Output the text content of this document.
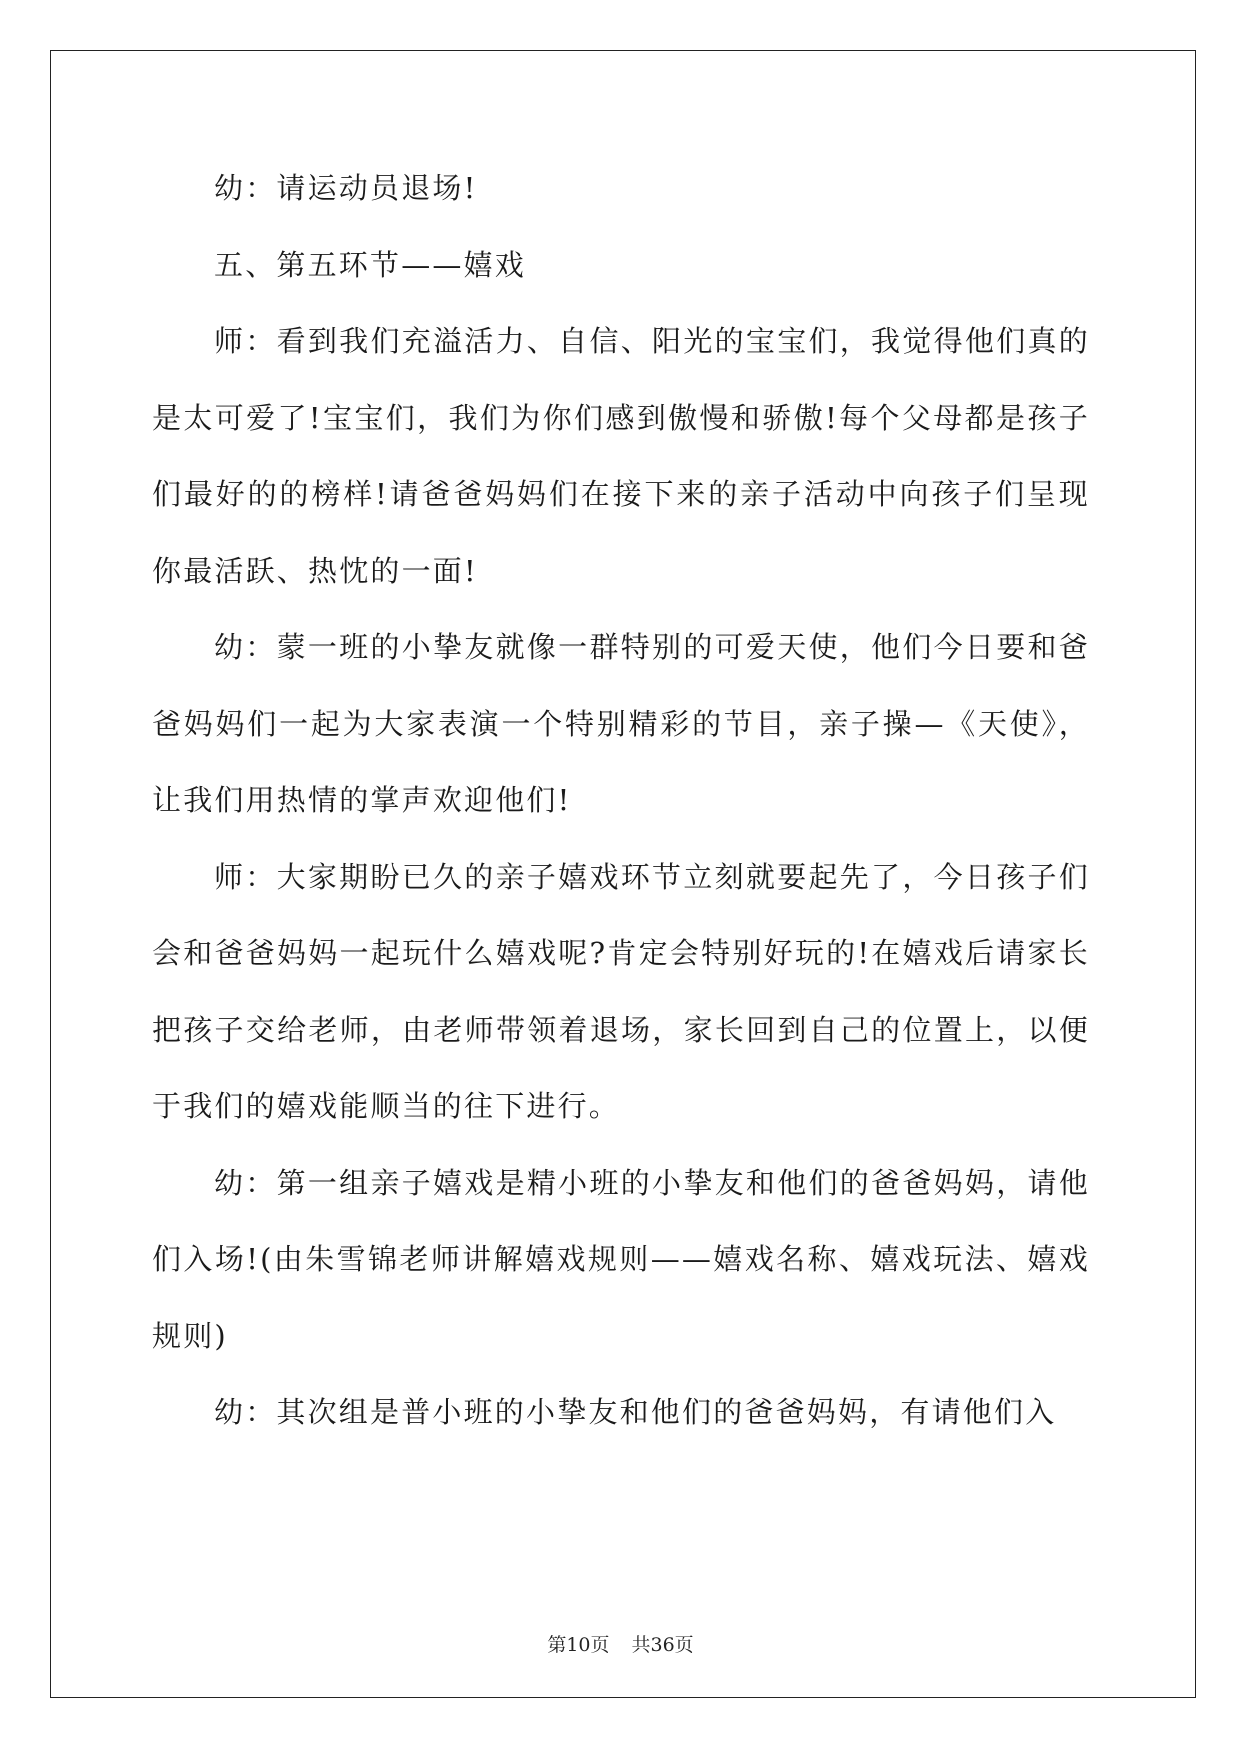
幼：请运动员退场!

五、第五环节——嬉戏

师：看到我们充溢活力、自信、阳光的宝宝们，我觉得他们真的是太可爱了!宝宝们，我们为你们感到傲慢和骄傲!每个父母都是孩子们最好的的榜样!请爸爸妈妈们在接下来的亲子活动中向孩子们呈现你最活跃、热忱的一面!

幼：蒙一班的小挚友就像一群特别的可爱天使，他们今日要和爸爸妈妈们一起为大家表演一个特别精彩的节目，亲子操—《天使》，让我们用热情的掌声欢迎他们!

师：大家期盼已久的亲子嬉戏环节立刻就要起先了，今日孩子们会和爸爸妈妈一起玩什么嬉戏呢?肯定会特别好玩的!在嬉戏后请家长把孩子交给老师，由老师带领着退场，家长回到自己的位置上，以便于我们的嬉戏能顺当的往下进行。

幼：第一组亲子嬉戏是精小班的小挚友和他们的爸爸妈妈，请他们入场!(由朱雪锦老师讲解嬉戏规则——嬉戏名称、嬉戏玩法、嬉戏规则)

幼：其次组是普小班的小挚友和他们的爸爸妈妈，有请他们入

第10页 共36页
